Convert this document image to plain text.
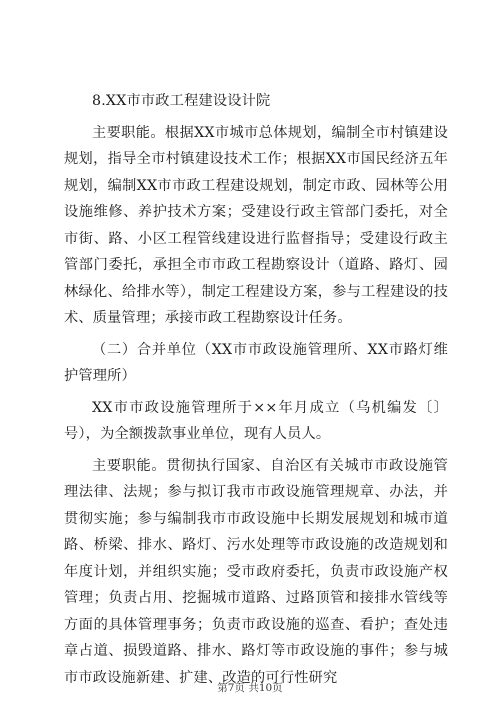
8.XX市市政工程建设设计院

主要职能。根据XX市城市总体规划，编制全市村镇建设规划，指导全市村镇建设技术工作；根据XX市国民经济五年规划，编制XX市市政工程建设规划，制定市政、园林等公用设施维修、养护技术方案；受建设行政主管部门委托，对全市街、路、小区工程管线建设进行监督指导；受建设行政主管部门委托，承担全市市政工程勘察设计（道路、路灯、园林绿化、给排水等），制定工程建设方案，参与工程建设的技术、质量管理；承接市政工程勘察设计任务。

（二）合并单位（XX市市政设施管理所、XX市路灯维护管理所）

XX市市政设施管理所于××年月成立（乌机编发〔〕号），为全额拨款事业单位，现有人员人。

主要职能。贯彻执行国家、自治区有关城市市政设施管理法律、法规；参与拟订我市市政设施管理规章、办法，并贯彻实施；参与编制我市市政设施中长期发展规划和城市道路、桥梁、排水、路灯、污水处理等市政设施的改造规划和年度计划，并组织实施；受市政府委托，负责市政设施产权管理；负责占用、挖掘城市道路、过路顶管和接排水管线等方面的具体管理事务；负责市政设施的巡查、看护；查处违章占道、损毁道路、排水、路灯等市政设施的事件；参与城市市政设施新建、扩建、改造的可行性研究

第7页 共10页
